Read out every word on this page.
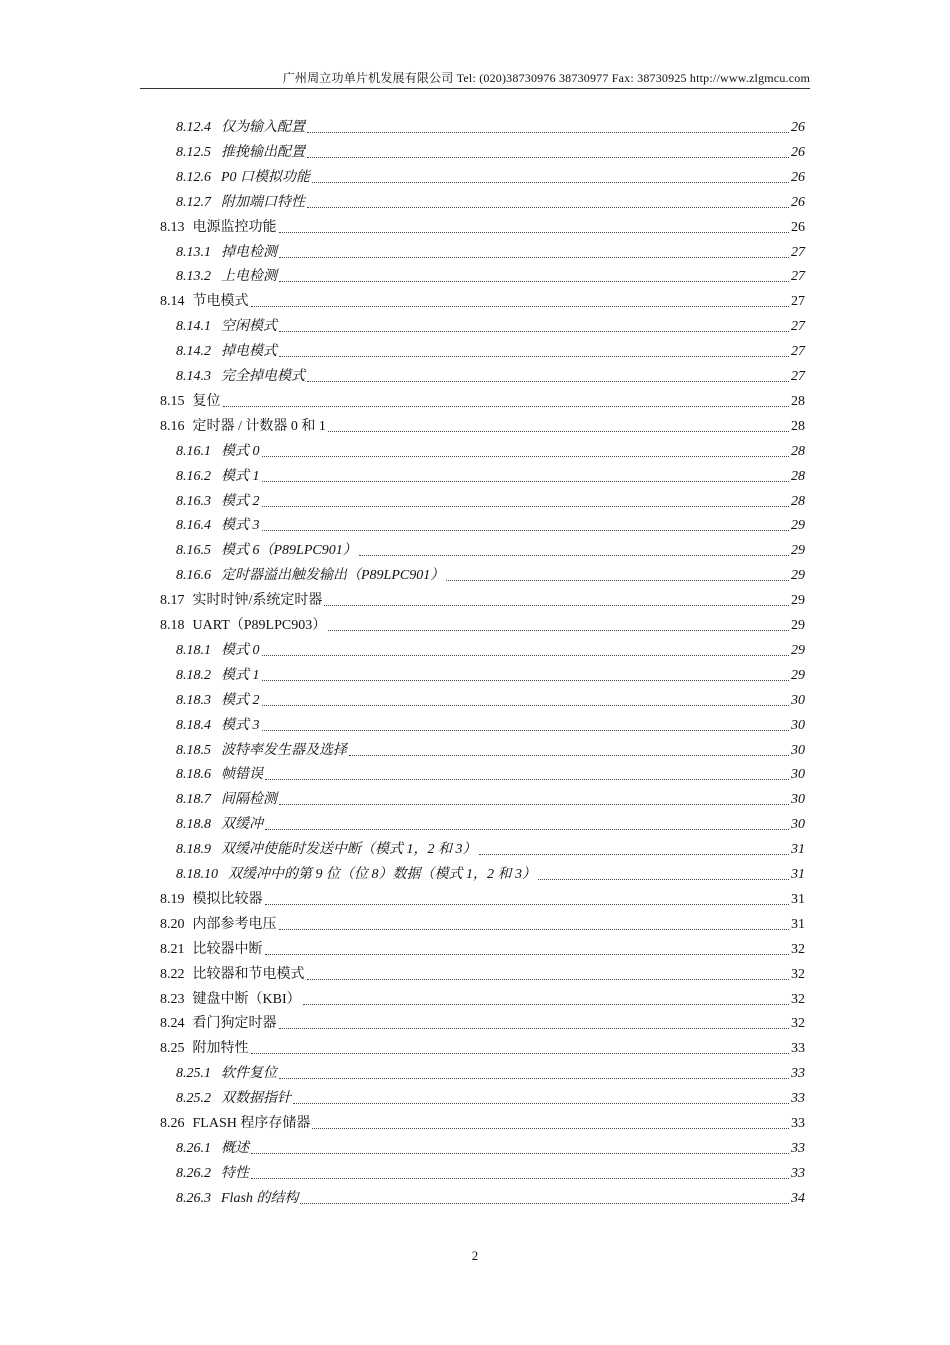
广州周立功单片机发展有限公司 Tel: (020)38730976 38730977 Fax: 38730925 http://www.zlgmcu.com
8.12.4 仅为输入配置	26
8.12.5 推挽输出配置	26
8.12.6 P0 口模拟功能	26
8.12.7 附加端口特性	26
8.13 电源监控功能	26
8.13.1 掉电检测	27
8.13.2 上电检测	27
8.14 节电模式	27
8.14.1 空闲模式	27
8.14.2 掉电模式	27
8.14.3 完全掉电模式	27
8.15 复位	28
8.16 定时器 / 计数器 0 和 1	28
8.16.1 模式 0	28
8.16.2 模式 1	28
8.16.3 模式 2	28
8.16.4 模式 3	29
8.16.5 模式 6（P89LPC901）	29
8.16.6 定时器溢出触发输出（P89LPC901）	29
8.17 实时时钟/系统定时器	29
8.18 UART（P89LPC903）	29
8.18.1 模式 0	29
8.18.2 模式 1	29
8.18.3 模式 2	30
8.18.4 模式 3	30
8.18.5 波特率发生器及选择	30
8.18.6 帧错误	30
8.18.7 间隔检测	30
8.18.8 双缓冲	30
8.18.9 双缓冲使能时发送中断（模式 1，2 和 3）	31
8.18.10 双缓冲中的第 9 位（位 8）数据（模式 1，2 和 3）	31
8.19 模拟比较器	31
8.20 内部参考电压	31
8.21 比较器中断	32
8.22 比较器和节电模式	32
8.23 键盘中断（KBI）	32
8.24 看门狗定时器	32
8.25 附加特性	33
8.25.1 软件复位	33
8.25.2 双数据指针	33
8.26 FLASH 程序存储器	33
8.26.1 概述	33
8.26.2 特性	33
8.26.3 Flash 的结构	34
2
